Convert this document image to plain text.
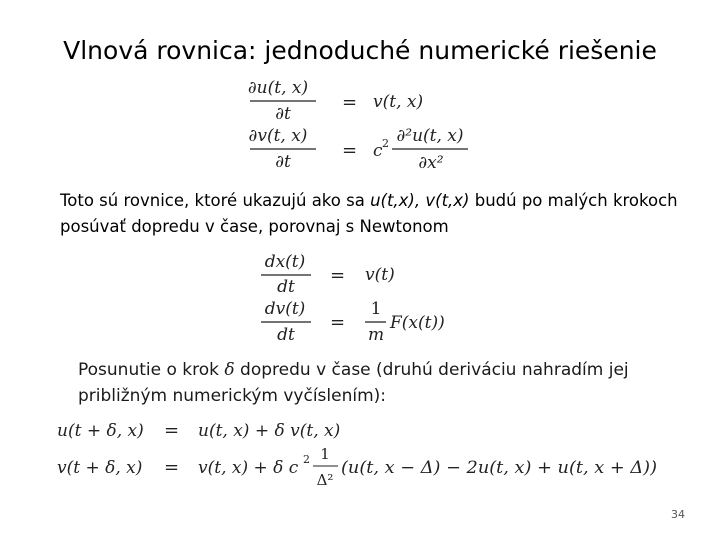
Vlnová rovnica: jednoduché numerické riešenie
∂u(t, x)
∂t
= v(t, x)
∂v(t, x)
∂t
= c 2 ∂²u(t, x)
∂x²
Toto sú rovnice, ktoré ukazujú ako sa u(t,x), v(t,x) budú po malých krokoch posúvať dopredu v čase, porovnaj s Newtonom
dx(t)
dt
= v(t)
dv(t)
dt
=
1
m
F(x(t))
Posunutie o krok δ dopredu v čase (druhú deriváciu nahradím jej približným numerickým vyčíslením):
u(t + δ, x) = u(t, x) + δ v(t, x)
v(t + δ, x) = v(t, x) + δ c 2 1
Δ²
(u(t, x − Δ) − 2u(t, x) + u(t, x + Δ))
34
